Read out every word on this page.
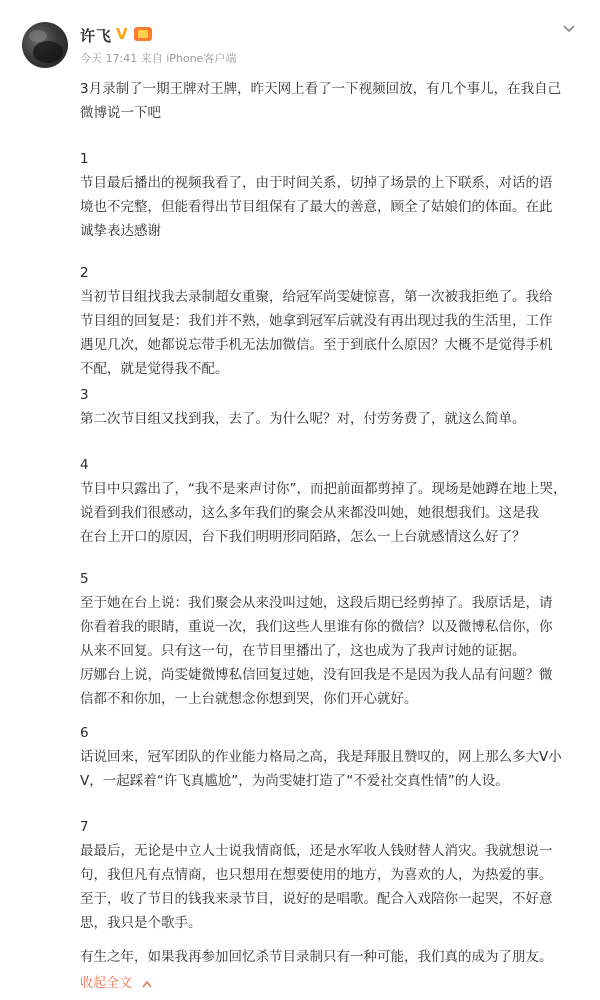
许飞 V
今天 17:41 来自 iPhone客户端

3月录制了一期王牌对王牌，昨天网上看了一下视频回放，有几个事儿，在我自己
微博说一下吧

1

节目最后播出的视频我看了，由于时间关系，切掉了场景的上下联系，对话的语
境也不完整，但能看得出节目组保有了最大的善意，顾全了姑娘们的体面。在此
诚挚表达感谢

2

当初节目组找我去录制超女重聚，给冠军尚雯婕惊喜，第一次被我拒绝了。我给
节目组的回复是：我们并不熟，她拿到冠军后就没有再出现过我的生活里，工作
遇见几次，她都说忘带手机无法加微信。至于到底什么原因？大概不是觉得手机
不配，就是觉得我不配。

3

第二次节目组又找到我，去了。为什么呢？对，付劳务费了，就这么简单。

4

节目中只露出了，“我不是来声讨你”，而把前面都剪掉了。现场是她蹲在地上哭，
说看到我们很感动，这么多年我们的聚会从来都没叫她，她很想我们。这是我
在台上开口的原因，台下我们明明形同陌路，怎么一上台就感情这么好了？

5

至于她在台上说：我们聚会从来没叫过她，这段后期已经剪掉了。我原话是，请
你看着我的眼睛，重说一次，我们这些人里谁有你的微信？以及微博私信你，你
从来不回复。只有这一句，在节目里播出了，这也成为了我声讨她的证据。
厉娜台上说，尚雯婕微博私信回复过她，没有回我是不是因为我人品有问题？微
信都不和你加，一上台就想念你想到哭，你们开心就好。

6

话说回来，冠军团队的作业能力格局之高，我是拜服且赞叹的，网上那么多大V小
V，一起踩着“许飞真尴尬”，为尚雯婕打造了“不爱社交真性情”的人设。

7

最最后，无论是中立人士说我情商低，还是水军收人钱财替人消灾。我就想说一
句，我但凡有点情商，也只想用在想要使用的地方，为喜欢的人，为热爱的事。
至于，收了节目的钱我来录节目，说好的是唱歌。配合入戏陪你一起哭，不好意
思，我只是个歌手。

有生之年，如果我再参加回忆杀节目录制只有一种可能，我们真的成为了朋友。

收起全文
